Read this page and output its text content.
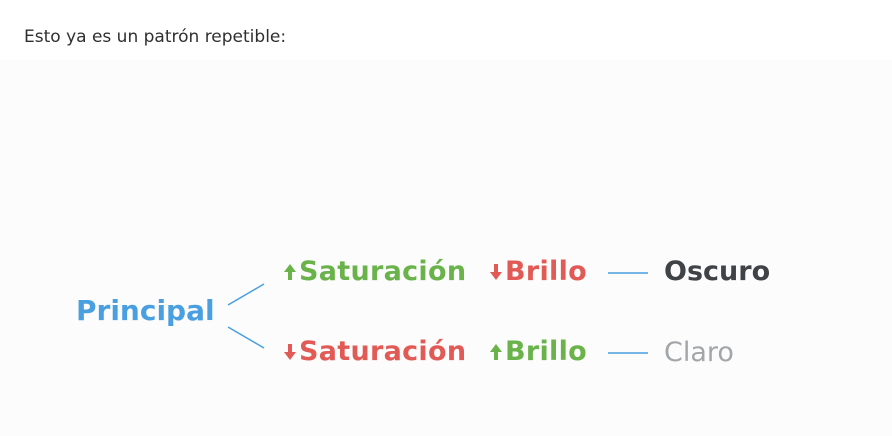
Esto ya es un patrón repetible:
Principal
Saturación Brillo	Oscuro
Saturación Brillo	Claro
